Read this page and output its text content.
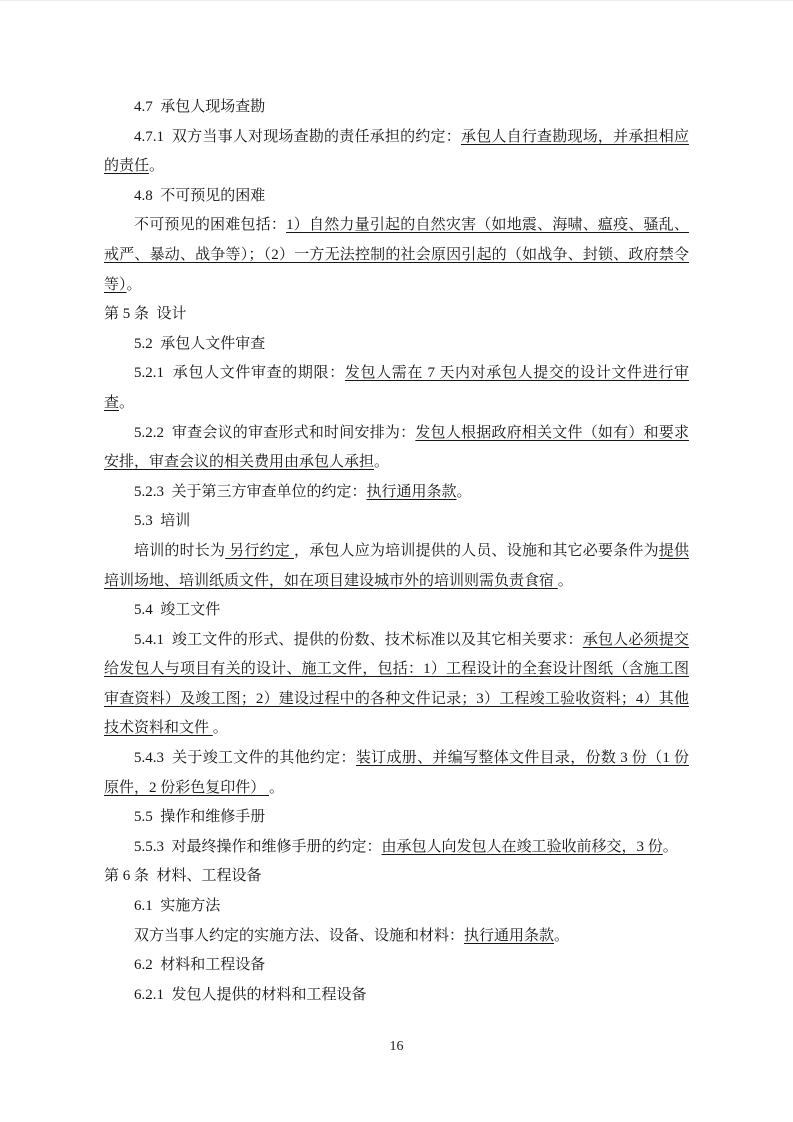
4.7  承包人现场查勘

4.7.1  双方当事人对现场查勘的责任承担的约定：承包人自行查勘现场，并承担相应的责任。

4.8  不可预见的困难

不可预见的困难包括：1）自然力量引起的自然灾害（如地震、海啸、瘟疫、骚乱、戒严、暴动、战争等）；（2）一方无法控制的社会原因引起的（如战争、封锁、政府禁令等）。

第 5 条  设计

5.2  承包人文件审查

5.2.1  承包人文件审查的期限：发包人需在 7 天内对承包人提交的设计文件进行审查。

5.2.2  审查会议的审查形式和时间安排为：发包人根据政府相关文件（如有）和要求安排，审查会议的相关费用由承包人承担。

5.2.3  关于第三方审查单位的约定：执行通用条款。

5.3  培训

培训的时长为 另行约定 ，承包人应为培训提供的人员、设施和其它必要条件为提供培训场地、培训纸质文件，如在项目建设城市外的培训则需负责食宿 。

5.4  竣工文件

5.4.1  竣工文件的形式、提供的份数、技术标准以及其它相关要求：承包人必须提交给发包人与项目有关的设计、施工文件，包括：1）工程设计的全套设计图纸（含施工图审查资料）及竣工图；2）建设过程中的各种文件记录；3）工程竣工验收资料；4）其他技术资料和文件 。

5.4.3  关于竣工文件的其他约定：装订成册、并编写整体文件目录，份数 3 份（1 份原件，2 份彩色复印件） 。

5.5  操作和维修手册

5.5.3  对最终操作和维修手册的约定：由承包人向发包人在竣工验收前移交，3 份。

第 6 条  材料、工程设备

6.1  实施方法

双方当事人约定的实施方法、设备、设施和材料：执行通用条款。

6.2  材料和工程设备

6.2.1  发包人提供的材料和工程设备

16
